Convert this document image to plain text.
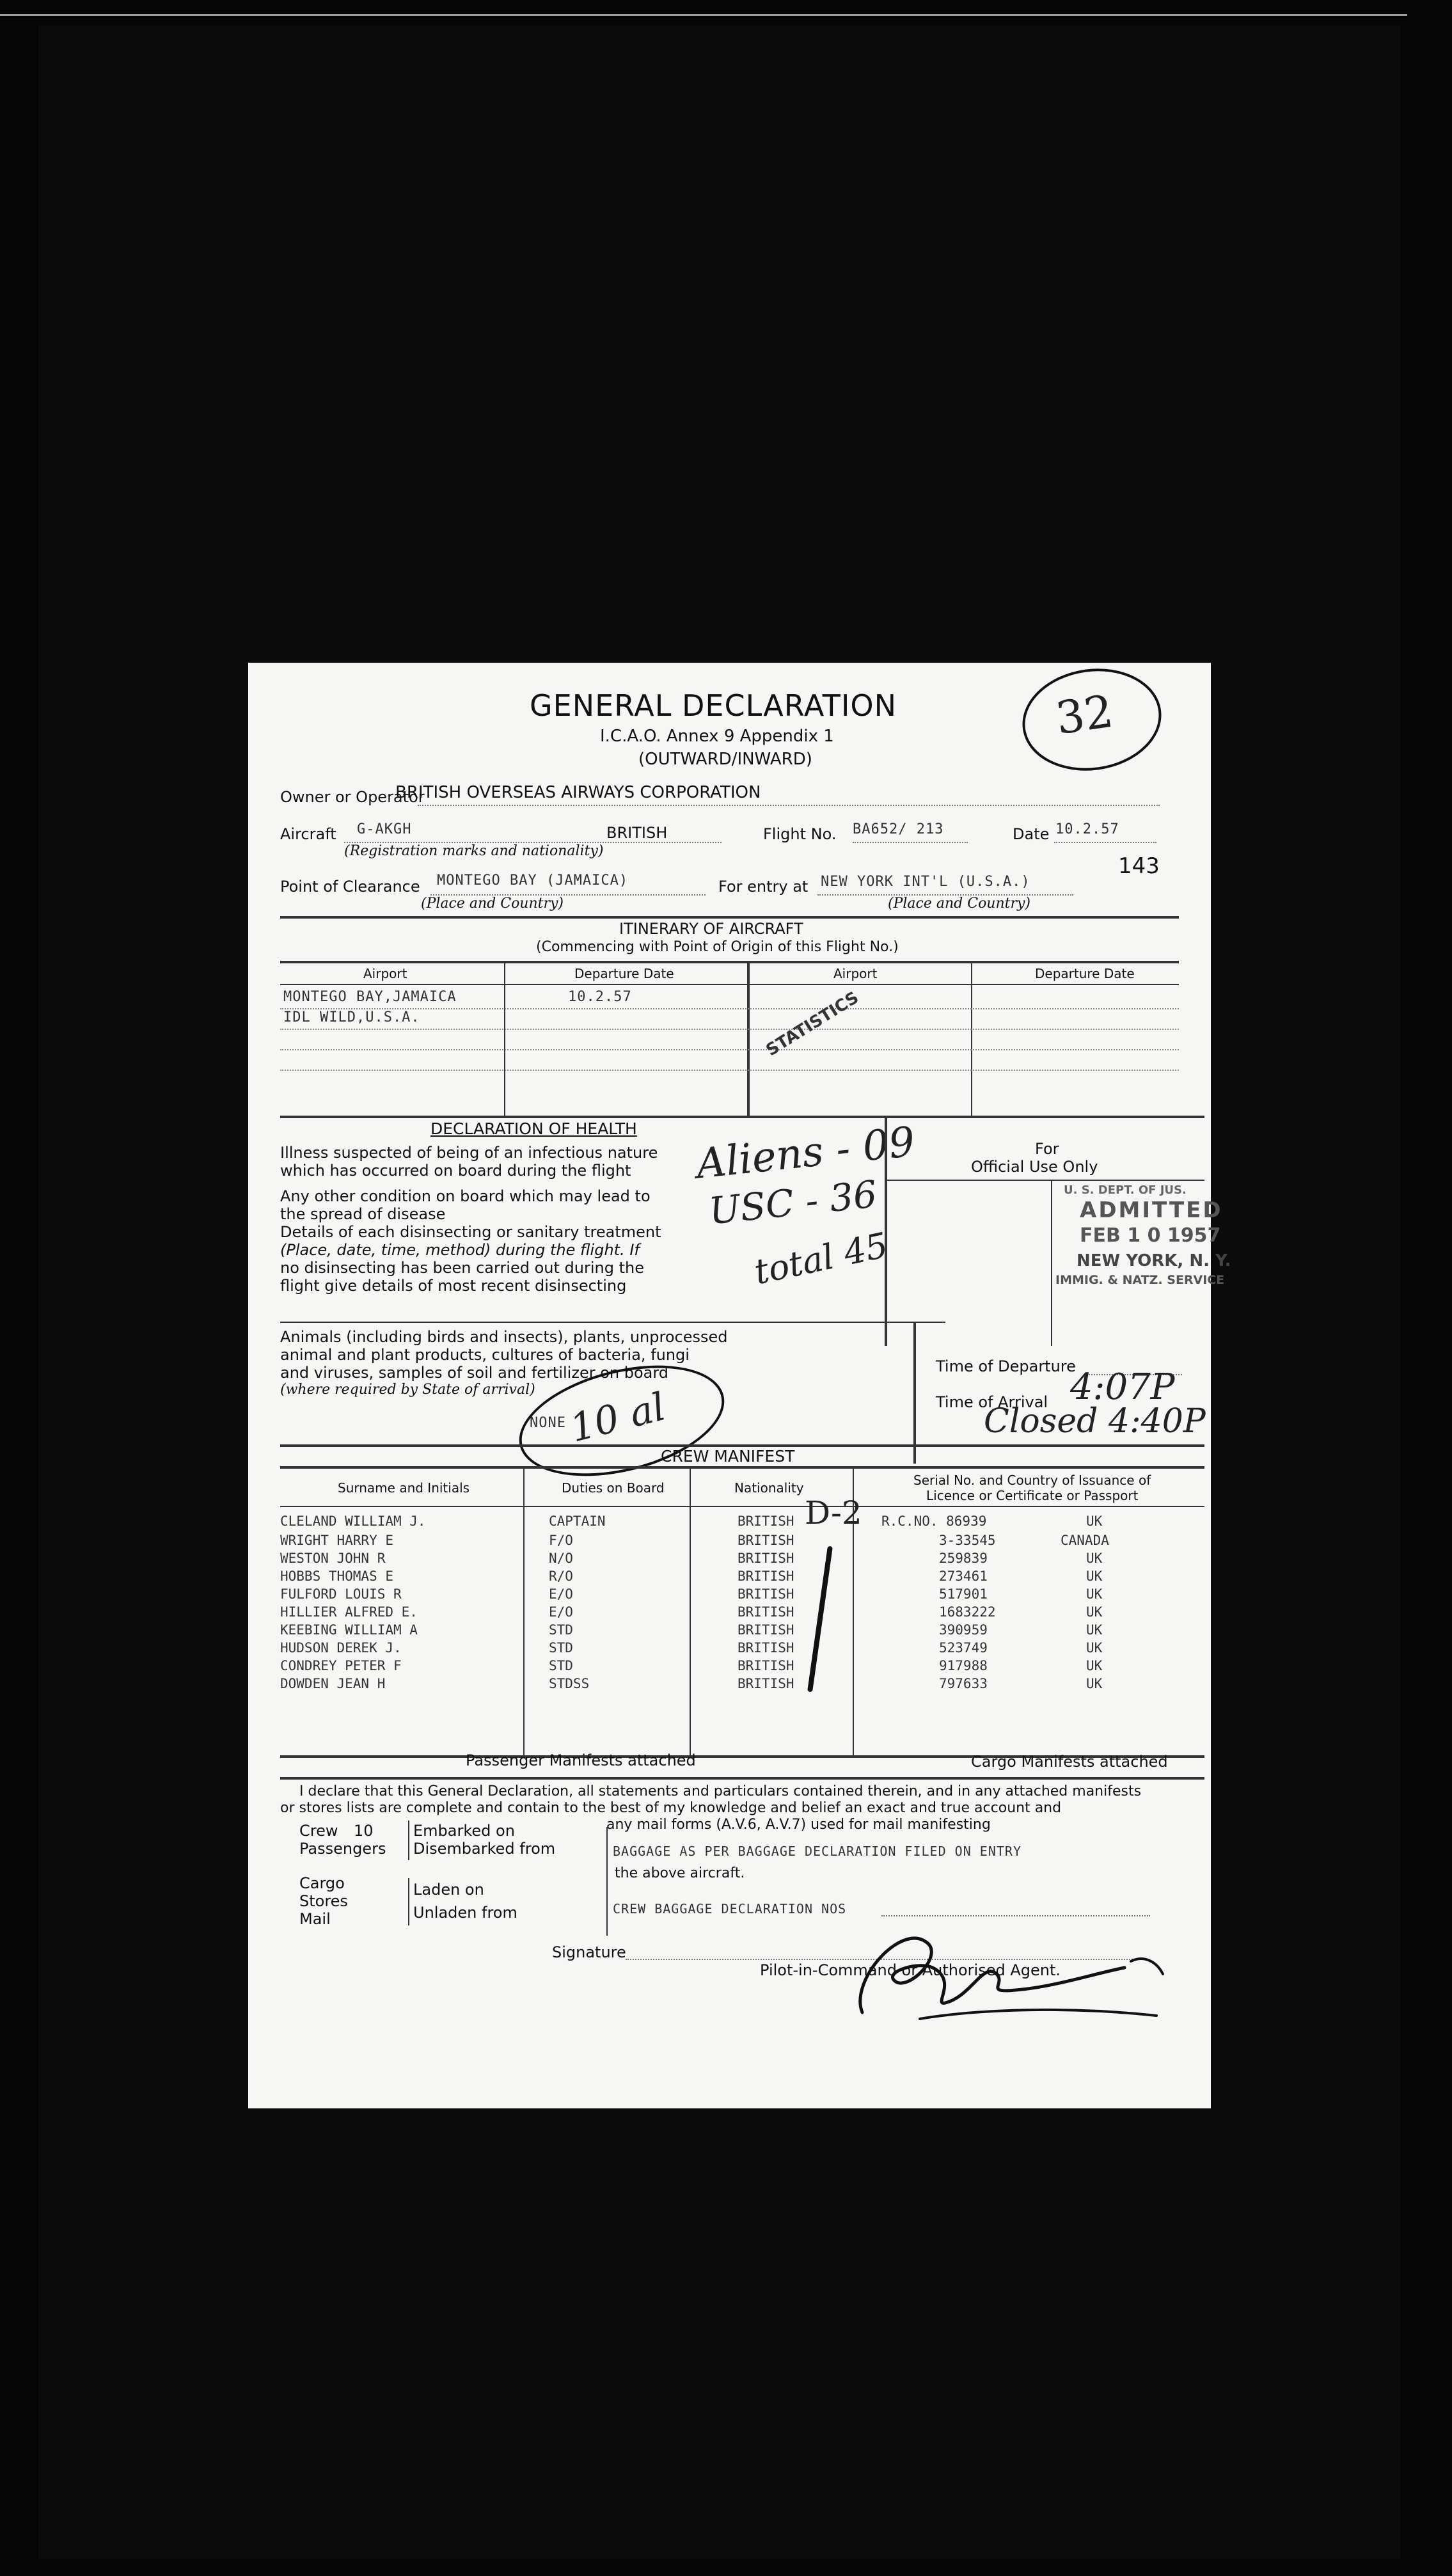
GENERAL DECLARATION
I.C.A.O. Annex 9 Appendix 1
(OUTWARD/INWARD)
32
143
Owner or Operator
BRITISH OVERSEAS AIRWAYS CORPORATION
Aircraft G-AKGH	BRITISH
(Registration marks and nationality)
Flight No. BA652/ 213	Date 10.2.57
Point of Clearance MONTEGO BAY (JAMAICA)
(Place and Country)
For entry at NEW YORK INT'L (U.S.A.)
(Place and Country)
ITINERARY OF AIRCRAFT
(Commencing with Point of Origin of this Flight No.)
Airport	Departure Date	Airport	Departure Date
MONTEGO BAY,JAMAICA	10.2.57
IDL WILD,U.S.A.	STATISTICS
DECLARATION OF HEALTH
Illness suspected of being of an infectious nature
which has occurred on board during the flight
Any other condition on board which may lead to
the spread of disease
Details of each disinsecting or sanitary treatment
(Place, date, time, method) during the flight. If
no disinsecting has been carried out during the
flight give details of most recent disinsecting
Aliens - 09
USC - 36
total 45
For
Official Use Only
U. S. DEPT. OF JUS.
ADMITTED
FEB 1 0 1957
NEW YORK, N. Y.
IMMIG. & NATZ. SERVICE
Animals (including birds and insects), plants, unprocessed
animal and plant products, cultures of bacteria, fungi
and viruses, samples of soil and fertilizer on board
(where required by State of arrival)
NONE
Time of Departure
Time of Arrival 4:07P
Closed 4:40P
10 al
CREW MANIFEST
Surname and Initials	Duties on Board	Nationality	Serial No. and Country of Issuance of
Licence or Certificate or Passport
CLELAND WILLIAM J.	CAPTAIN	BRITISH	R.C.NO. 86939	UK
WRIGHT HARRY E	F/O	BRITISH	3-33545	CANADA
WESTON JOHN R	N/O	BRITISH	259839	UK
HOBBS THOMAS E	R/O	BRITISH	273461	UK
FULFORD LOUIS R	E/O	BRITISH	517901	UK
HILLIER ALFRED E.	E/O	BRITISH	1683222	UK
KEEBING WILLIAM A	STD	BRITISH	390959	UK
HUDSON DEREK J.	STD	BRITISH	523749	UK
CONDREY PETER F	STD	BRITISH	917988	UK
DOWDEN JEAN H	STDSS	BRITISH	797633	UK
D-2
Passenger Manifests attached	Cargo Manifests attached
I declare that this General Declaration, all statements and particulars contained therein, and in any attached manifests
or stores lists are complete and contain to the best of my knowledge and belief an exact and true account and
any mail forms (A.V.6, A.V.7) used for mail manifesting
the above aircraft.
Crew 10
Passengers
Embarked on
Disembarked from
Cargo
Stores
Mail
Laden on
Unladen from
BAGGAGE AS PER BAGGAGE DECLARATION FILED ON ENTRY
CREW BAGGAGE DECLARATION NOS
Signature
Pilot-in-Command or Authorised Agent.
